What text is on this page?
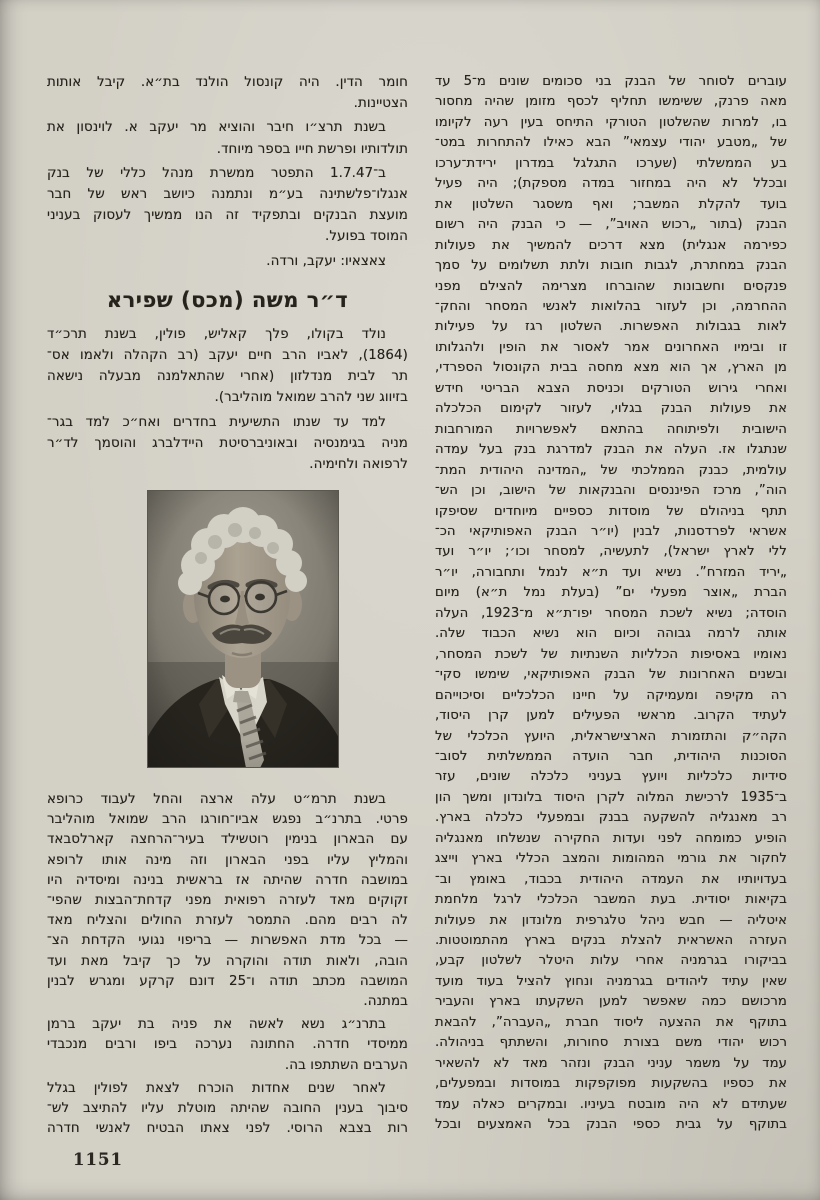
עוברים לסוחר של הבנק בני סכומים שונים מ־5 עד
מאה פרנק, ששימשו תחליף לכסף מזומן שהיה מחסור
בו, למרות שהשלטון הטורקי התיחס בעין רעה לקיומו
של „מטבע יהודי עצמאי” הבא כאילו להתחרות במט־
בע הממשלתי (שערכו התגלגל במדרון ירידת־ערכו
ובכלל לא היה במחזור במדה מספקת); היה פעיל
בועד להקלת המשבר; ואף משסגר השלטון את
הבנק (בתור „רכוש האויב”, — כי הבנק היה רשום
כפירמה אנגלית) מצא דרכים להמשיך את פעולות
הבנק במחתרת, לגבות חובות ולתת תשלומים על סמך
פנקסים וחשבונות שהוברחו מצרימה להצילם מפני
ההחרמה, וכן לעזור בהלואות לאנשי המסחר והחק־
לאות בגבולות האפשרות. השלטון רגז על פעילות
זו ובימיו האחרונים אמר לאסור את הופין ולהגלותו
מן הארץ, אך הוא מצא מחסה בבית הקונסול הספרדי,
ואחרי גירוש הטורקים וכניסת הצבא הבריטי חידש
את פעולות הבנק בגלוי, לעזור לקימום הכלכלה
הישובית ולפיתוחה בהתאם לאפשרויות המורחבות
שנתגלו אז. העלה את הבנק למדרגת בנק בעל עמדה
עולמית, כבנק הממלכתי של „המדינה היהודית המת־
הוה”, מרכז הפיננסים והבנקאות של הישוב, וכן הש־
תתף בניהולם של מוסדות כספיים מיוחדים שסיפקו
אשראי לפרדסנות, לבנין (יו״ר הבנק האפותיקאי הכ־
ללי לארץ ישראל), לתעשיה, למסחר וכו׳; יו״ר ועד
„יריד המזרח”. נשיא ועד ת״א לנמל ותחבורה, יו״ר
הברת „אוצר מפעלי ים” (בעלת נמל ת״א) מיום
הוסדה; נשיא לשכת המסחר יפו־ת״א מ־1923, העלה
אותה לרמה גבוהה וכיום הוא נשיא הכבוד שלה.
נאומיו באסיפות הכלליות השנתיות של לשכת המסחר,
ובשנים האחרונות של הבנק האפותיקאי, שימשו סקי־
רה מקיפה ומעמיקה על חיינו הכלכליים וסיכוייהם
לעתיד הקרוב. מראשי הפעילים למען קרן היסוד,
הקה״ק והתזמורת הארצישראלית, היועץ הכלכלי של
הסוכנות היהודית, חבר הועדה הממשלתית לסוב־
סידיות כלכליות ויועץ בעניני כלכלה שונים, עזר
ב־1935 לרכישת המלוה לקרן היסוד בלונדון ומשך הון
רב מאנגליה להשקעה בבנק ובמפעלי כלכלה בארץ.
הופיע כמומחה לפני ועדות החקירה שנשלחו מאנגליה
לחקור את גורמי המהומות והמצב הכללי בארץ וייצג
בעדויותיו את העמדה היהודית בכבוד, באומץ וב־
בקיאות יסודית. בעת המשבר הכלכלי לרגל מלחמת
איטליה — חבש ניהל טלגרפית מלונדון את פעולות
העזרה האשראית להצלת בנקים בארץ מהתמוטטות.
בביקורו בגרמניה אחרי עלות היטלר לשלטון קבע,
שאין עתיד ליהודים בגרמניה ונחוץ להציל בעוד מועד
מרכושם כמה שאפשר למען השקעתו בארץ והעביר
בתוקף את ההצעה ליסוד חברת „העברה”, להבאת
רכוש יהודי משם בצורת סחורות, והשתתף בניהולה.
עמד על משמר עניני הבנק ונזהר מאד לא להשאיר
את כספיו בהשקעות מפוקפקות במוסדות ובמפעלים,
שעתידם לא היה מובטח בעיניו. ובמקרים כאלה עמד
בתוקף על גבית כספי הבנק בכל האמצעים ובכל
חומר הדין. היה קונסול הולנד בת״א. קיבל אותות
הצטיינות.
בשנת תרצ״ו חיבר והוציא מר יעקב א. לוינסון את
תולדותיו ופרשת חייו בספר מיוחד.
ב־1.7.47 התפטר ממשרת מנהל כללי של בנק
אנגלו־פלשתינה בע״מ ונתמנה כיושב ראש של חבר
מועצת הבנקים ובתפקיד זה הנו ממשיך לעסוק בעניני
המוסד בפועל.
צאצאיו: יעקב, ורדה.
ד״ר משה (מכס) שפירא
נולד בקולו, פלך קאליש, פולין, בשנת תרכ״ד
(1864), לאביו הרב חיים יעקב (רב הקהלה ולאמו אס־
תר לבית מנדלזון (אחרי שהתאלמנה מבעלה נישאה
בזיווג שני להרב שמואל מוהליבר).
למד עד שנתו התשיעית בחדרים ואח״כ למד בגר־
מניה בגימנסיה ובאוניברסיטת היידלברג והוסמך לד״ר
לרפואה ולחימיה.
בשנת תרמ״ט עלה ארצה והחל לעבוד כרופא
פרטי. בתרנ״ב נפגש אביו־חורגו הרב שמואל מוהליבר
עם הבארון בנימין רוטשילד בעיר־הרחצה קארלסבאד
והמליץ עליו בפני הבארון וזה מינה אותו לרופא
במושבה חדרה שהיתה אז בראשית בנינה ומיסדיה היו
זקוקים מאד לעזרה רפואית מפני קדחת־הבצות שהפי־
לה רבים מהם. התמסר לעזרת החולים והצליח מאד
— בכל מדת האפשרות — בריפוי נגועי הקדחת הצ־
הובה, ולאות תודה והוקרה על כך קיבל מאת ועד
המושבה מכתב תודה ו־25 דונם קרקע ומגרש לבנין
במתנה.
בתרנ״ג נשא לאשה את פניה בת יעקב ברמן
ממיסדי חדרה. החתונה נערכה ביפו ורבים מנכבדי
הערבים השתתפו בה.
לאחר שנים אחדות הוכרח לצאת לפולין בגלל
סיבוך בענין החובה שהיתה מוטלת עליו להתיצב לש־
רות בצבא הרוסי. לפני צאתו הבטיח לאנשי חדרה
1151
